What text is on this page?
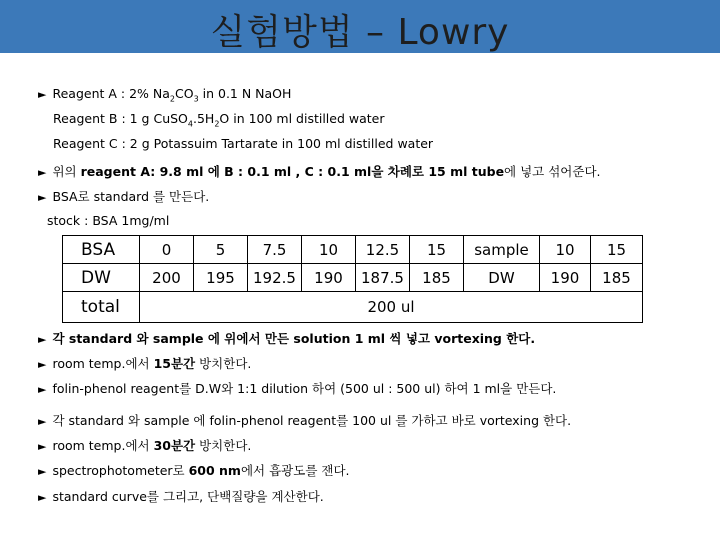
실험방법 – Lowry
► Reagent A : 2% $Na_2CO_3$ in 0.1 N NaOH
Reagent B : 1 g $CuSO_4.5H_2O$ in 100 ml distilled water
Reagent C : 2 g Potassuim Tartarate in 100 ml distilled water
► 위의 reagent A: 9.8 ml 에 B : 0.1 ml , C : 0.1 ml을 차례로 15 ml tube에 넣고 섞어준다.
► BSA로 standard 를 만든다.
stock : BSA 1mg/ml
BSA	0	5	7.5	10	12.5	15	sample	10	15
DW	200	195	192.5	190	187.5	185	DW	190	185
total	200 ul								
► 각 standard 와 sample 에 위에서 만든 solution 1 ml 씩 넣고 vortexing 한다.
► room temp.에서 15분간 방치한다.
► folin-phenol reagent를 D.W와 1:1 dilution 하여 (500 ul : 500 ul) 하여 1 ml을 만든다.
► 각 standard 와 sample 에 folin-phenol reagent를 100 ul 를 가하고 바로 vortexing 한다.
► room temp.에서 30분간 방치한다.
► spectrophotometer로 600 nm에서 흡광도를 잰다.
► standard curve를 그리고, 단백질량을 계산한다.
